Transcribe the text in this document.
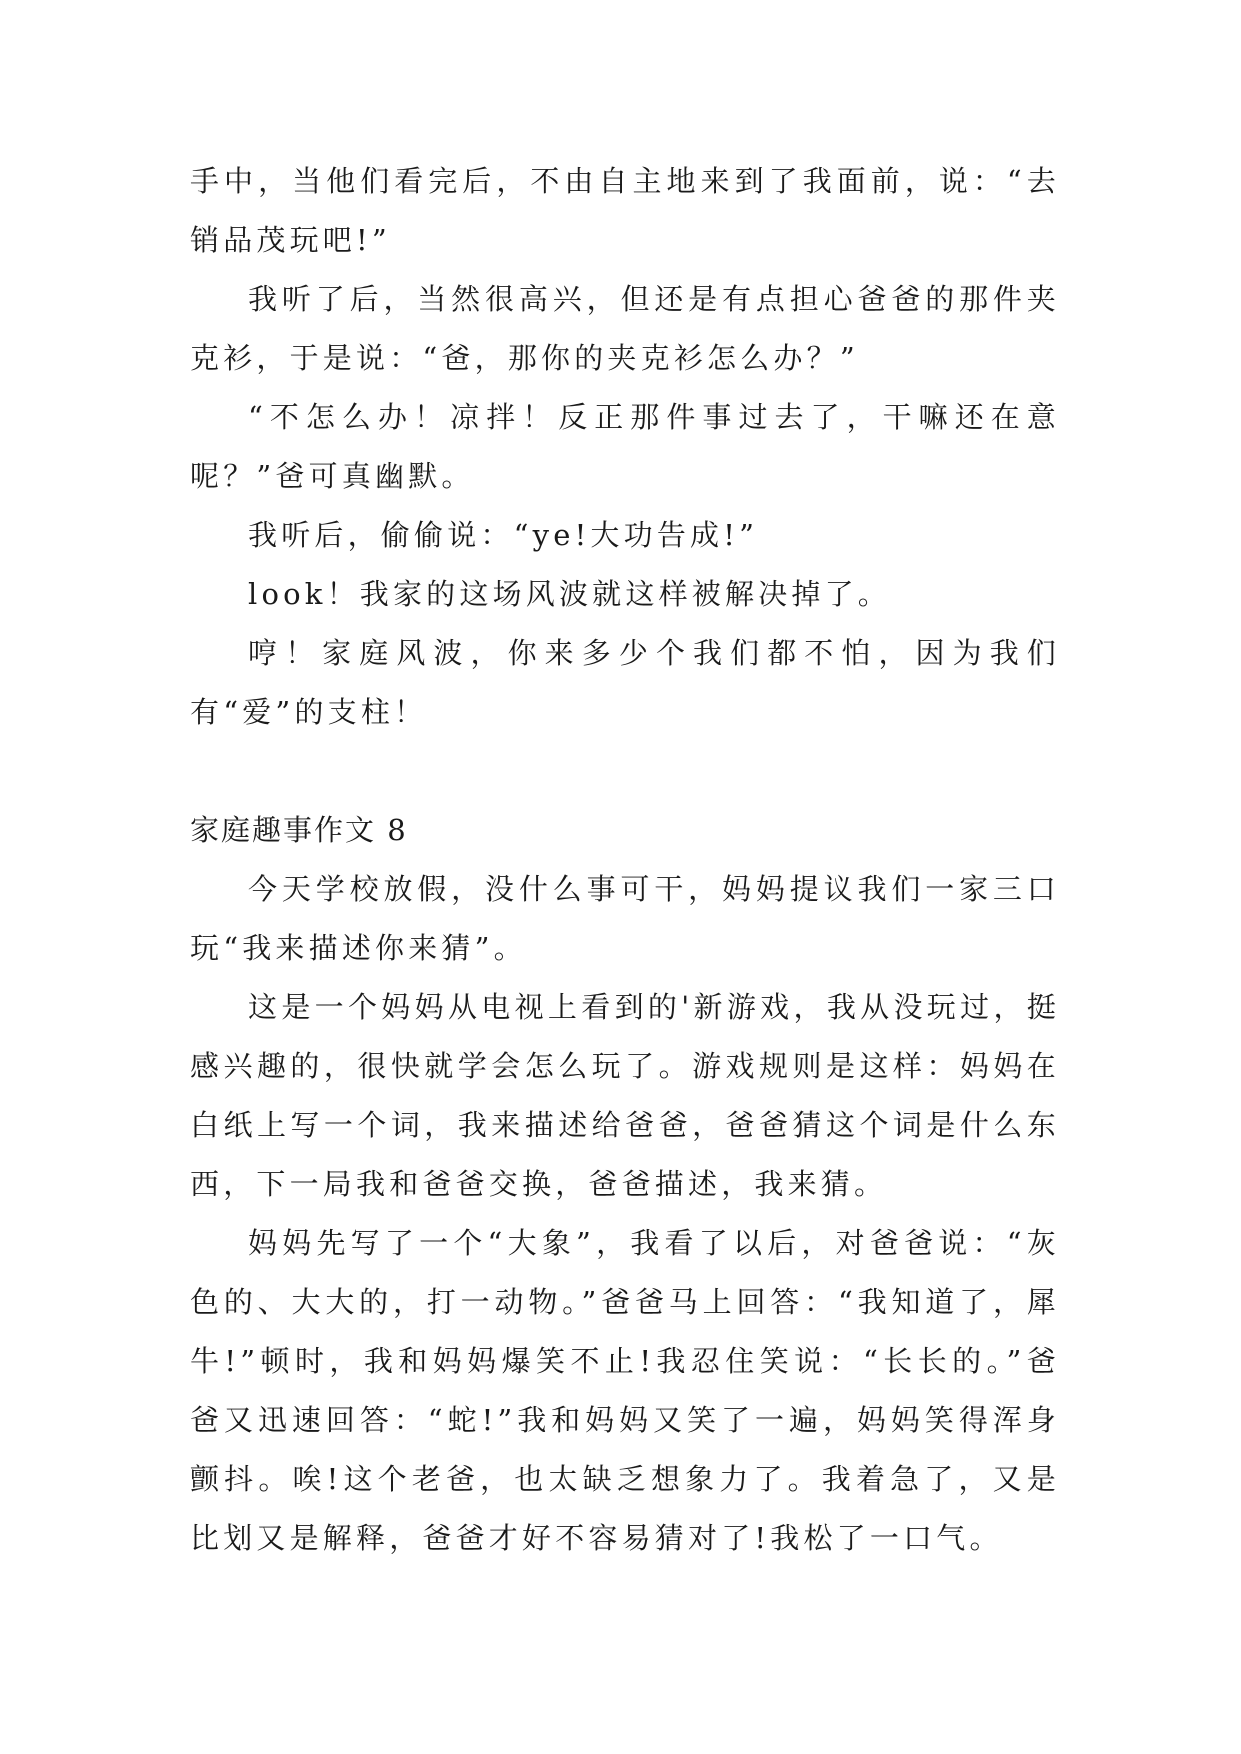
手中，当他们看完后，不由自主地来到了我面前，说：“去销品茂玩吧!”

我听了后，当然很高兴，但还是有点担心爸爸的那件夹克衫，于是说：“爸，那你的夹克衫怎么办？”

“不怎么办！凉拌！反正那件事过去了，干嘛还在意呢？”爸可真幽默。

我听后，偷偷说：“ye!大功告成!”

look！我家的这场风波就这样被解决掉了。

哼！家庭风波，你来多少个我们都不怕，因为我们有“爱”的支柱！

家庭趣事作文 8

今天学校放假，没什么事可干，妈妈提议我们一家三口玩“我来描述你来猜”。

这是一个妈妈从电视上看到的'新游戏，我从没玩过，挺感兴趣的，很快就学会怎么玩了。游戏规则是这样：妈妈在白纸上写一个词，我来描述给爸爸，爸爸猜这个词是什么东西，下一局我和爸爸交换，爸爸描述，我来猜。

妈妈先写了一个“大象”，我看了以后，对爸爸说：“灰色的、大大的，打一动物。”爸爸马上回答：“我知道了，犀牛!”顿时，我和妈妈爆笑不止!我忍住笑说：“长长的。”爸爸又迅速回答：“蛇!”我和妈妈又笑了一遍，妈妈笑得浑身颤抖。唉!这个老爸，也太缺乏想象力了。我着急了，又是比划又是解释，爸爸才好不容易猜对了!我松了一口气。
